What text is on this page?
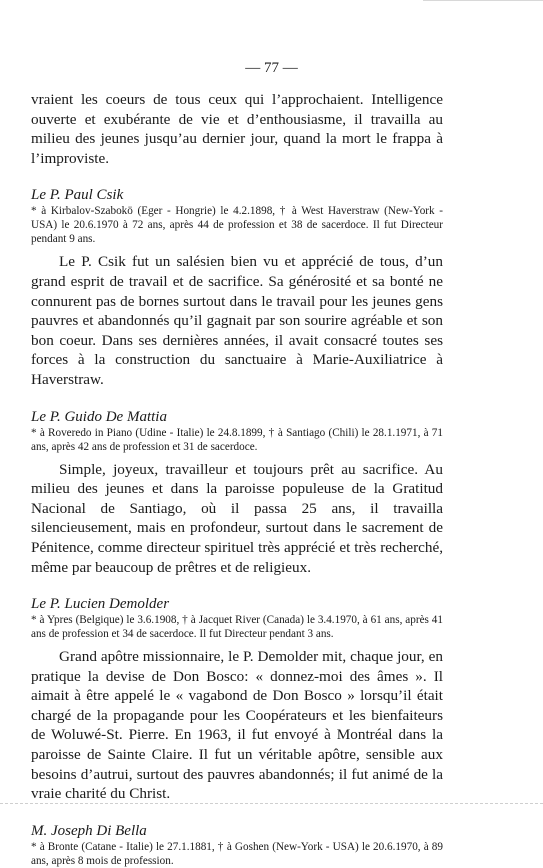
— 77 —

vraient les coeurs de tous ceux qui l’approchaient. Intelligence ouverte et exubérante de vie et d’enthousiasme, il travailla au milieu des jeunes jusqu’au dernier jour, quand la mort le frappa à l’improviste.

Le P. Paul Csik

* à Kirbalov-Szabokö (Eger - Hongrie) le 4.2.1898, † à West Haverstraw (New-York - USA) le 20.6.1970 à 72 ans, après 44 de profession et 38 de sacerdoce. Il fut Directeur pendant 9 ans.

Le P. Csik fut un salésien bien vu et apprécié de tous, d’un grand esprit de travail et de sacrifice. Sa générosité et sa bonté ne connurent pas de bornes surtout dans le travail pour les jeunes gens pauvres et abandonnés qu’il gagnait par son sourire agréable et son bon coeur. Dans ses dernières années, il avait consacré toutes ses forces à la construction du sanctuaire à Marie-Auxiliatrice à Haverstraw.

Le P. Guido De Mattia

* à Roveredo in Piano (Udine - Italie) le 24.8.1899, † à Santiago (Chili) le 28.1.1971, à 71 ans, après 42 ans de profession et 31 de sacerdoce.

Simple, joyeux, travailleur et toujours prêt au sacrifice. Au milieu des jeunes et dans la paroisse populeuse de la Gratitud Nacional de Santiago, où il passa 25 ans, il travailla silencieusement, mais en profondeur, surtout dans le sacrement de Pénitence, comme directeur spirituel très apprécié et très recherché, même par beaucoup de prêtres et de religieux.

Le P. Lucien Demolder

* à Ypres (Belgique) le 3.6.1908, † à Jacquet River (Canada) le 3.4.1970, à 61 ans, après 41 ans de profession et 34 de sacerdoce. Il fut Directeur pendant 3 ans.

Grand apôtre missionnaire, le P. Demolder mit, chaque jour, en pratique la devise de Don Bosco: « donnez-moi des âmes ». Il aimait à être appelé le « vagabond de Don Bosco » lorsqu’il était chargé de la propagande pour les Coopérateurs et les bienfaiteurs de Woluwé-St. Pierre. En 1963, il fut envoyé à Montréal dans la paroisse de Sainte Claire. Il fut un véritable apôtre, sensible aux besoins d’autrui, surtout des pauvres abandonnés; il fut animé de la vraie charité du Christ.

M. Joseph Di Bella

* à Bronte (Catane - Italie) le 27.1.1881, † à Goshen (New-York - USA) le 20.6.1970, à 89 ans, après 8 mois de profession.
